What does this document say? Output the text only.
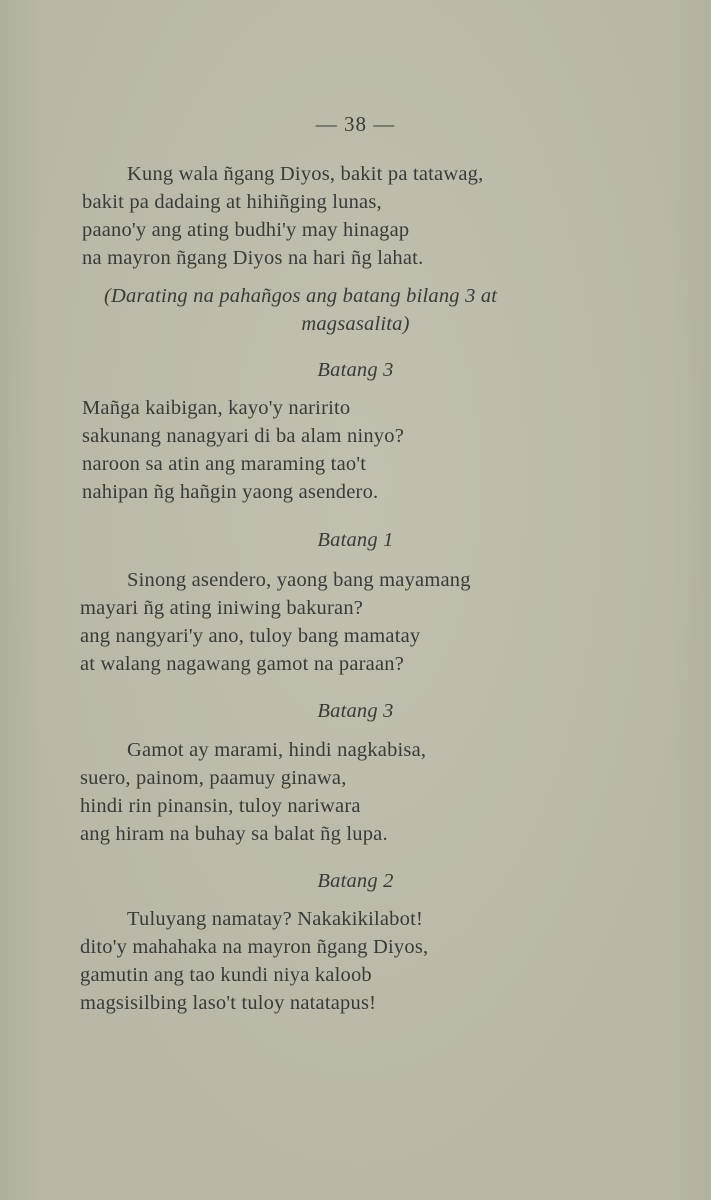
— 38 —
Kung wala ñgang Diyos, bakit pa tatawag,
bakit pa dadaing at hihiñging lunas,
paano'y ang ating budhi'y may hinagap
na mayron ñgang Diyos na hari ñg lahat.
(Darating na pahañgos ang batang bilang 3 at
magsasalita)
Batang 3
Mañga kaibigan, kayo'y naririto
sakunang nanagyari di ba alam ninyo?
naroon sa atin ang maraming tao't
nahipan ñg hañgin yaong asendero.
Batang 1
Sinong asendero, yaong bang mayamang
mayari ñg ating iniwing bakuran?
ang nangyari'y ano, tuloy bang mamatay
at walang nagawang gamot na paraan?
Batang 3
Gamot ay marami, hindi nagkabisa,
suero, painom, paamuy ginawa,
hindi rin pinansin, tuloy nariwara
ang hiram na buhay sa balat ñg lupa.
Batang 2
Tuluyang namatay? Nakakikilabot!
dito'y mahahaka na mayron ñgang Diyos,
gamutin ang tao kundi niya kaloob
magsisilbing laso't tuloy natatapus!
